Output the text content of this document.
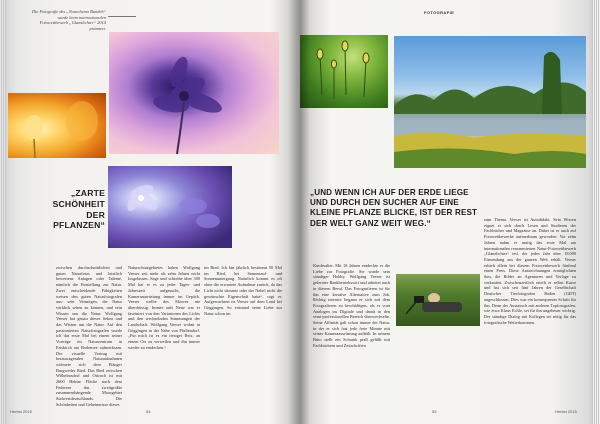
Die Fotografie des „Noarchemo Bundeb“ wurde beim internationalen Fotowettbewerb „Glanzlichter“ 2014 prämiert.
„ZARTE SCHÖNHEIT DER PFLANZEN“

zwischen durchschnittlichen und guten Naturfotos und letztlich bewertens Anlagen oder Talente, nämlich die Einstellung zur Natur. Zwei entscheidende Fähigkeiten weisen den guten Naturfotografen aus: sein Vermögen, die Natur wirklich sehen zu können, und sein Wissen um die Natur. Wolfgang Veeser hat genau dieses Sehen und das Wissen um die Natur. Auf den passionierten Naturfotografen wurde ich das erste Mal bei einem seiner Vorträge im Naturzentrum in Eriskirch am Bodensee aufmerksam. Der visuelle Vortrag mit herausragenden Naturaufnahmen widmete sich dem Pfänger Burgweiler Ried. Das Ried zwischen Wilhelmsdorf und Ostrach ist mit 2600 Hektar Fläche nach dem Federsee das zweitgrößte zusammenhängende Moorgebiet Südwestdeutschlands. Die Schönheiten und Geheimnisse dieses

Naturschutzgebietes haben Wolfgang Veeser seit mehr als zehn Jahren nicht losgelassen. Sage und schreibe über 300 Mal hat er es zu jeder Tages- und Jahreszeit aufgesucht, die Kameraausrüstung immer im Gepäck. Veeser wollte des Moores nie überdrüssig. Immer aufs Neue war er fasziniert von den Variationen des Lichts und den wechselnden Stimmungen der Landschaft. Wolfgang Veeser wohnt in Göggingen in der Nähe von Pfullendorf. „Für mich ist es ein riesiger Reiz, an einem Ort zu verweilen und ihn immer wieder zu entdecken.“

im Ried. Ich bin jährlich bestimmt 50 Mal im Ried, bei Sonnenauf- und Sonnenuntergang. Natürlich kommt es oft ohne die erwartete Aufnahme zurück, da das Licht nicht stimmte oder der Nebel nicht die gewünschte Eigenschaft hatte“, sagt er. Aufgewachsen ist Veeser auf dem Land bei Göggingen. So entstand seine Liebe zur Natur schon im

Herbst 2015	54
FOTOGRAFIE
„UND WENN ICH AUF DER ERDE LIEGE UND DURCH DEN SUCHER AUF EINE KLEINE PFLANZE BLICKE, IST DER REST DER WELT GANZ WEIT WEG.“

Kindesalter. Mit 18 Jahren entdeckte er die Liebe zur Fotografie. Sie wurde sein ständiger Hobby. Wolfgang Veeser ist gelernter Bankbetriebswirt und arbeitet auch in diesem Beruf. Das Fotografieren ist für ihn eine kreative Alternative zum Job. Richtig intensiv begann er sich mit dem Fotografieren zu beschäftigen, als er vom Analogen ins Digitale und damit in den semi-professionellen Bereich überwechselte. Seine Affinität galt schon immer der Natur, in der er sich fast jede freie Minute mit seiner Kameraausrüstung aufhält. In seinem Büro stellt ein Schrank prall gefüllt mit Fachbüchern und Zeitschriften

zum Thema. Veeser ist Autodidakt. Sein Wissen eignet er sich durch Lesen und Studieren der Fachbücher und Magazine an. Dabei ist er auch auf Fotowettbewerbe aufmerksam geworden. Vor zehn Jahren nahm er mutig das erste Mal am internationalen renommierten Natur-Fotowettbewerb „Glanzlichter“ teil, der jedes Jahr über 18.000 Einsendung aus der ganzen Welt erhält. Veeser erhielt allein bei diesem Fotowettbewerb fünfmal einen Preis. Diese Auszeichnungen ermöglichten ihm, die Bilder an Agenturen und Verlage zu verkaufen. Zwischenzeitlich erteilt er selbst Kurse und hat sich seit fünf Jahren der Gesellschaft Deutscher Tierfotografen Baden (GDT) angeschlossen. Dies war ein konsequenter Schritt für ihn. Denn der Austausch mit anderen Topfotografen, wie etwa Klaus Echle, sei für ihn ungeheuer wichtig. Der ständige Dialog mit Kollegen sei nötig für das fotografische Weiterkommen.

55	Herbst 2015
